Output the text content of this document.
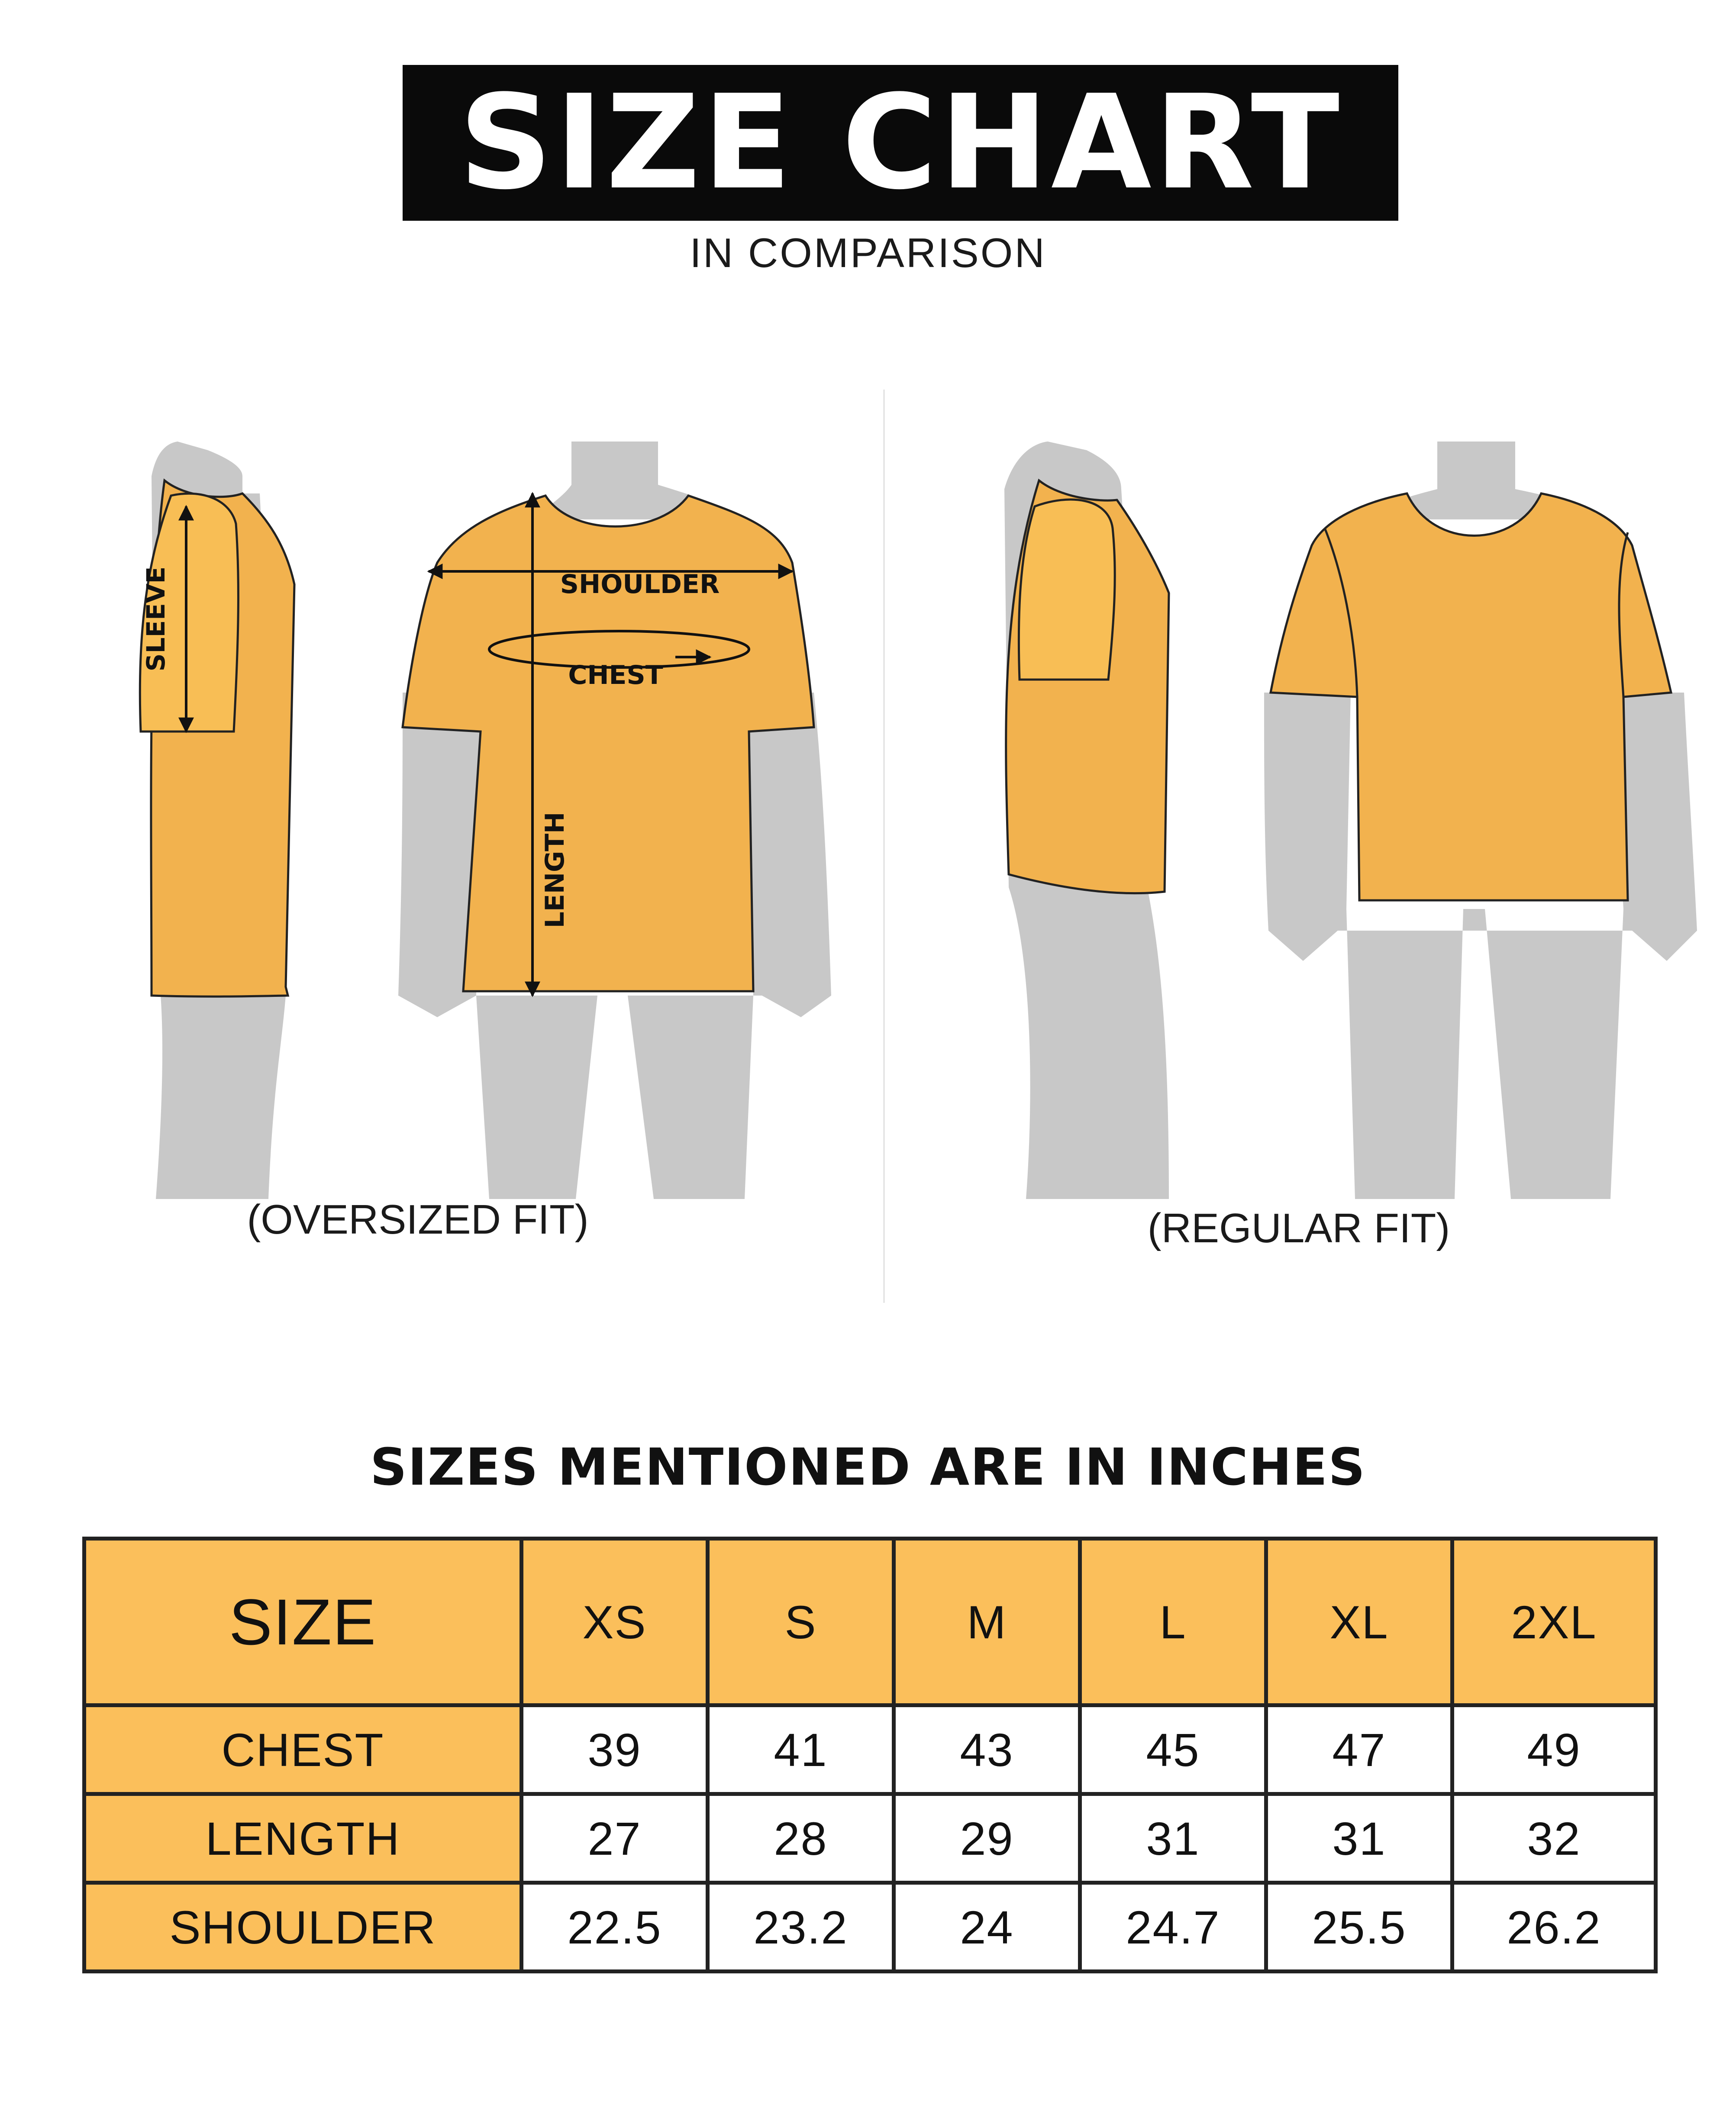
SIZE CHART
IN COMPARISON
SLEEVE	SHOULDER
CHEST
LENGTH
(OVERSIZED FIT)	(REGULAR FIT)
SIZES MENTIONED ARE IN INCHES
SIZE	XS	S	M	L	XL	2XL
CHEST	39	41	43	45	47	49
LENGTH	27	28	29	31	31	32
SHOULDER	22.5	23.2	24	24.7	25.5	26.2
